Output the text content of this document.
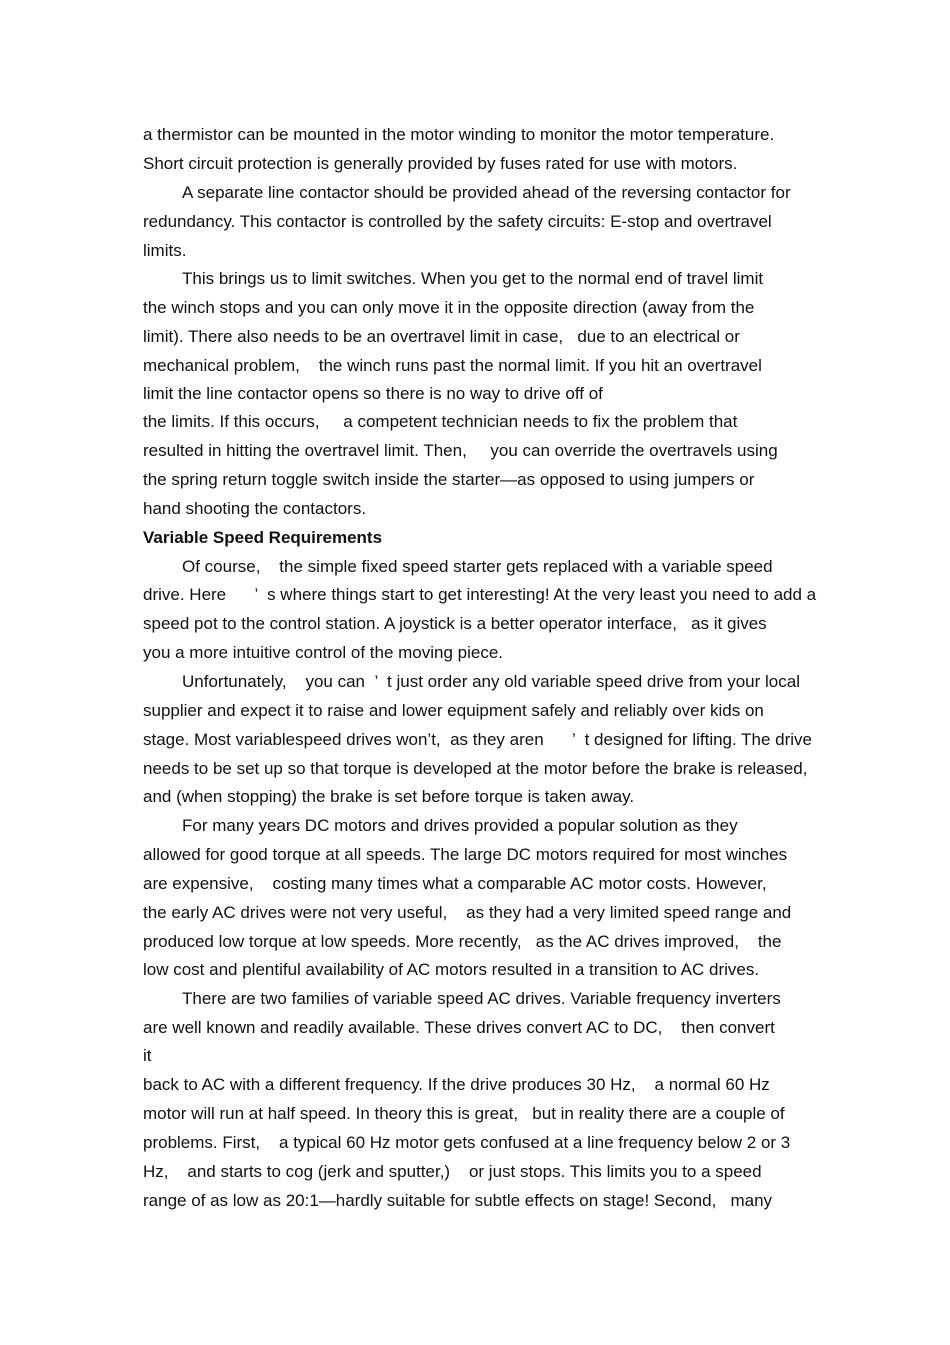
a thermistor can be mounted in the motor winding to monitor the motor temperature.
Short circuit protection is generally provided by fuses rated for use with motors.
A separate line contactor should be provided ahead of the reversing contactor for
redundancy. This contactor is controlled by the safety circuits: E-stop and overtravel
limits.
This brings us to limit switches. When you get to the normal end of travel limit
the winch stops and you can only move it in the opposite direction (away from the
limit). There also needs to be an overtravel limit in case,   due to an electrical or
mechanical problem,    the winch runs past the normal limit. If you hit an overtravel
limit the line contactor opens so there is no way to drive off of
the limits. If this occurs,     a competent technician needs to fix the problem that
resulted in hitting the overtravel limit. Then,     you can override the overtravels using
the spring return toggle switch inside the starter—as opposed to using jumpers or
hand shooting the contactors.
Variable Speed Requirements
Of course,    the simple fixed speed starter gets replaced with a variable speed
drive. Here      ’  s where things start to get interesting! At the very least you need to add a
speed pot to the control station. A joystick is a better operator interface,   as it gives
you a more intuitive control of the moving piece.
Unfortunately,    you can  ’  t just order any old variable speed drive from your local
supplier and expect it to raise and lower equipment safely and reliably over kids on
stage. Most variablespeed drives won’t,  as they aren      ’  t designed for lifting. The drive
needs to be set up so that torque is developed at the motor before the brake is released,
and (when stopping) the brake is set before torque is taken away.
For many years DC motors and drives provided a popular solution as they
allowed for good torque at all speeds. The large DC motors required for most winches
are expensive,    costing many times what a comparable AC motor costs. However,
the early AC drives were not very useful,    as they had a very limited speed range and
produced low torque at low speeds. More recently,   as the AC drives improved,    the
low cost and plentiful availability of AC motors resulted in a transition to AC drives.
There are two families of variable speed AC drives. Variable frequency inverters
are well known and readily available. These drives convert AC to DC,    then convert
it
back to AC with a different frequency. If the drive produces 30 Hz,    a normal 60 Hz
motor will run at half speed. In theory this is great,   but in reality there are a couple of
problems. First,    a typical 60 Hz motor gets confused at a line frequency below 2 or 3
Hz,    and starts to cog (jerk and sputter,)    or just stops. This limits you to a speed
range of as low as 20:1—hardly suitable for subtle effects on stage! Second,   many
